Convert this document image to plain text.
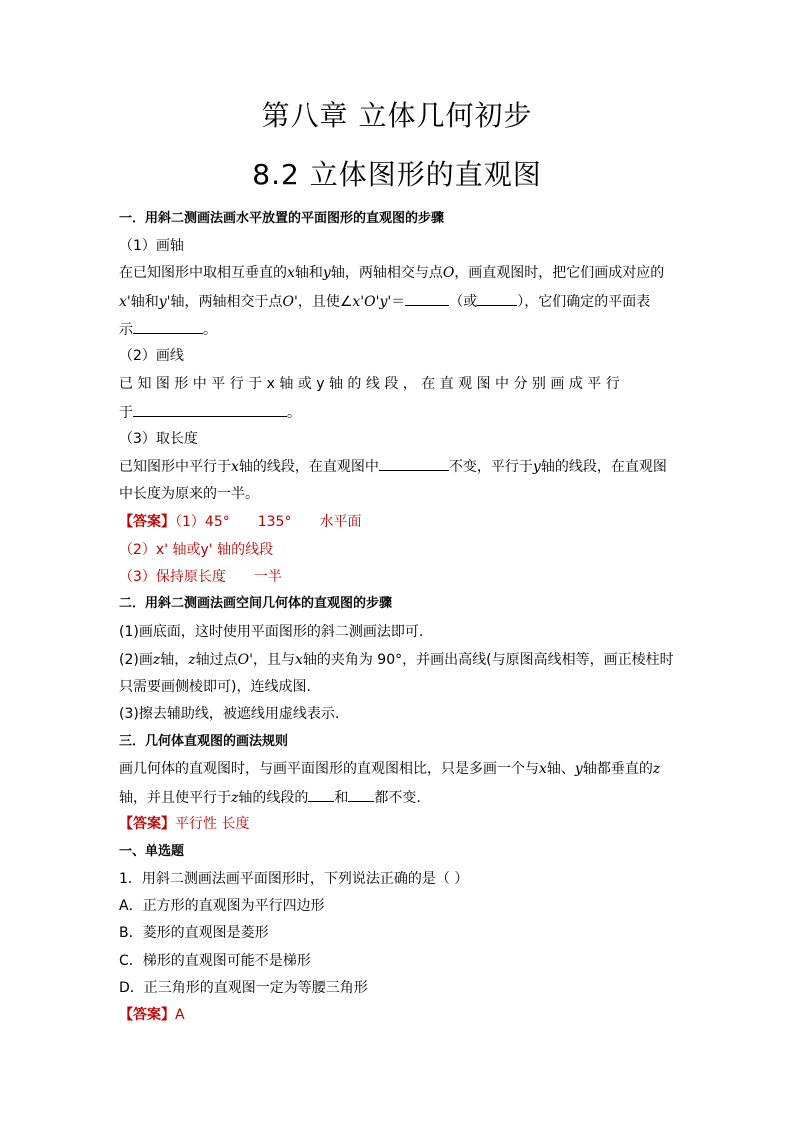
第八章 立体几何初步
8.2 立体图形的直观图
一．用斜二测画法画水平放置的平面图形的直观图的步骤
（1）画轴
在已知图形中取相互垂直的x轴和y轴，两轴相交与点O，画直观图时，把它们画成对应的
x'轴和y'轴，两轴相交于点O'，且使∠x'O'y'＝	（或	），它们确定的平面表
示	。
（2）画线
已 知 图 形 中 平 行 于 x 轴 或 y 轴 的 线 段 ， 在 直 观 图 中 分 别 画 成 平 行
于	。
（3）取长度
已知图形中平行于x轴的线段，在直观图中	不变，平行于y轴的线段，在直观图
中长度为原来的一半。
【答案】（1）45° 135° 水平面
（2）x' 轴或y' 轴的线段
（3）保持原长度 一半
二．用斜二测画法画空间几何体的直观图的步骤
(1)画底面，这时使用平面图形的斜二测画法即可.
(2)画z轴，z轴过点O'，且与x轴的夹角为 90°，并画出高线(与原图高线相等，画正棱柱时
只需要画侧棱即可)，连线成图.
(3)擦去辅助线，被遮线用虚线表示.
三．几何体直观图的画法规则
画几何体的直观图时，与画平面图形的直观图相比，只是多画一个与x轴、y轴都垂直的z
轴，并且使平行于z轴的线段的 和 都不变.
【答案】平行性 长度
一、单选题
1．用斜二测画法画平面图形时，下列说法正确的是（ ）
A．正方形的直观图为平行四边形
B．菱形的直观图是菱形
C．梯形的直观图可能不是梯形
D．正三角形的直观图一定为等腰三角形
【答案】A
